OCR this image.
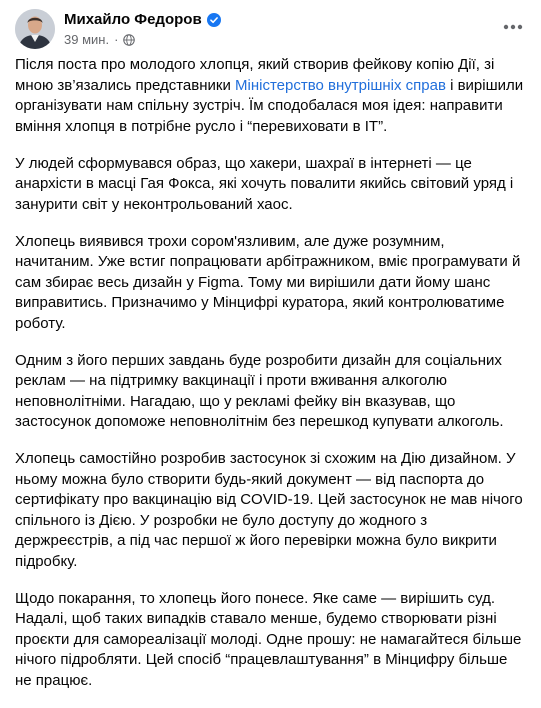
Михайло Федоров
39 мин. ·

Після поста про молодого хлопця, який створив фейкову копію Дії, зі мною зв’язались представники Міністерство внутрішніх справ і вирішили організувати нам спільну зустріч. Їм сподобалася моя ідея: направити вміння хлопця в потрібне русло і “перевиховати в ІТ”.

У людей сформувався образ, що хакери, шахраї в інтернеті — це анархісти в масці Гая Фокса, які хочуть повалити якийсь світовий уряд і занурити світ у неконтрольований хаос.

Хлопець виявився трохи сором'язливим, але дуже розумним, начитаним. Уже встиг попрацювати арбітражником, вміє програмувати й сам збирає весь дизайн у Figma. Тому ми вирішили дати йому шанс виправитись. Призначимо у Мінцифрі куратора, який контролюватиме роботу.

Одним з його перших завдань буде розробити дизайн для соціальних реклам — на підтримку вакцинації і проти вживання алкоголю неповнолітніми. Нагадаю, що у рекламі фейку він вказував, що застосунок допоможе неповнолітнім без перешкод купувати алкоголь.

Хлопець самостійно розробив застосунок зі схожим на Дію дизайном. У ньому можна було створити будь-який документ — від паспорта до сертифікату про вакцинацію від COVID-19. Цей застосунок не мав нічого спільного із Дією. У розробки не було доступу до жодного з держреєстрів, а під час першої ж його перевірки можна було викрити підробку.

Щодо покарання, то хлопець його понесе. Яке саме — вирішить суд. Надалі, щоб таких випадків ставало менше, будемо створювати різні проєкти для самореалізації молоді. Одне прошу: не намагайтеся більше нічого підробляти. Цей спосіб “працевлаштування” в Мінцифру більше не працює.
